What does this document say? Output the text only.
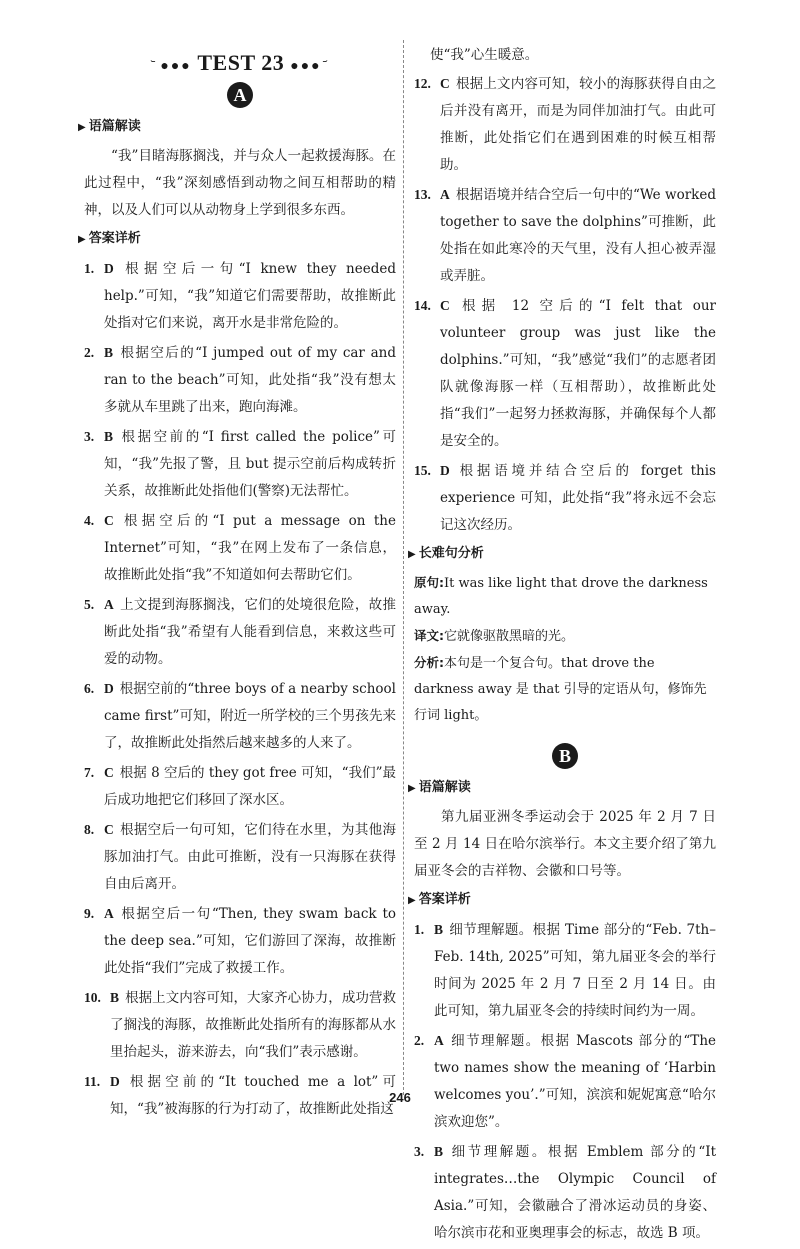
᷅ ●●● TEST 23 ●●● ᷄
A
▶ 语篇解读

“我”目睹海豚搁浅，并与众人一起救援海豚。在此过程中，“我”深刻感悟到动物之间互相帮助的精神，以及人们可以从动物身上学到很多东西。

▶ 答案详析
1. D 根据空后一句“I knew they needed help.”可知，“我”知道它们需要帮助，故推断此处指对它们来说，离开水是非常危险的。
2. B 根据空后的“I jumped out of my car and ran to the beach”可知，此处指“我”没有想太多就从车里跳了出来，跑向海滩。
3. B 根据空前的“I first called the police”可知，“我”先报了警，且 but 提示空前后构成转折关系，故推断此处指他们(警察)无法帮忙。
4. C 根据空后的“I put a message on the Internet”可知，“我”在网上发布了一条信息，故推断此处指“我”不知道如何去帮助它们。
5. A 上文提到海豚搁浅，它们的处境很危险，故推断此处指“我”希望有人能看到信息，来救这些可爱的动物。
6. D 根据空前的“three boys of a nearby school came first”可知，附近一所学校的三个男孩先来了，故推断此处指然后越来越多的人来了。
7. C 根据 8 空后的 they got free 可知，“我们”最后成功地把它们移回了深水区。
8. C 根据空后一句可知，它们待在水里，为其他海豚加油打气。由此可推断，没有一只海豚在获得自由后离开。
9. A 根据空后一句“Then, they swam back to the deep sea.”可知，它们游回了深海，故推断此处指“我们”完成了救援工作。
10. B 根据上文内容可知，大家齐心协力，成功营救了搁浅的海豚，故推断此处指所有的海豚都从水里抬起头，游来游去，向“我们”表示感谢。
11. D 根据空前的“It touched me a lot”可知，“我”被海豚的行为打动了，故推断此处指这
使“我”心生暖意。
12. C 根据上文内容可知，较小的海豚获得自由之后并没有离开，而是为同伴加油打气。由此可推断，此处指它们在遇到困难的时候互相帮助。
13. A 根据语境并结合空后一句中的“We worked together to save the dolphins”可推断，此处指在如此寒冷的天气里，没有人担心被弄湿或弄脏。
14. C 根据 12 空后的“I felt that our volunteer group was just like the dolphins.”可知，“我”感觉“我们”的志愿者团队就像海豚一样（互相帮助），故推断此处指“我们”一起努力拯救海豚，并确保每个人都是安全的。
15. D 根据语境并结合空后的 forget this experience 可知，此处指“我”将永远不会忘记这次经历。
▶ 长难句分析

原句:It was like light that drove the darkness away.

译文:它就像驱散黑暗的光。

分析:本句是一个复合句。that drove the darkness away 是 that 引导的定语从句，修饰先行词 light。

B
▶ 语篇解读

第九届亚洲冬季运动会于 2025 年 2 月 7 日至 2 月 14 日在哈尔滨举行。本文主要介绍了第九届亚冬会的吉祥物、会徽和口号等。

▶ 答案详析
1. B 细节理解题。根据 Time 部分的“Feb. 7th–Feb. 14th, 2025”可知，第九届亚冬会的举行时间为 2025 年 2 月 7 日至 2 月 14 日。由此可知，第九届亚冬会的持续时间约为一周。
2. A 细节理解题。根据 Mascots 部分的“The two names show the meaning of ‘Harbin welcomes you’.”可知，滨滨和妮妮寓意“哈尔滨欢迎您”。
3. B 细节理解题。根据 Emblem 部分的“It integrates…the Olympic Council of Asia.”可知，会徽融合了滑冰运动员的身姿、哈尔滨市花和亚奥理事会的标志，故选 B 项。
246
